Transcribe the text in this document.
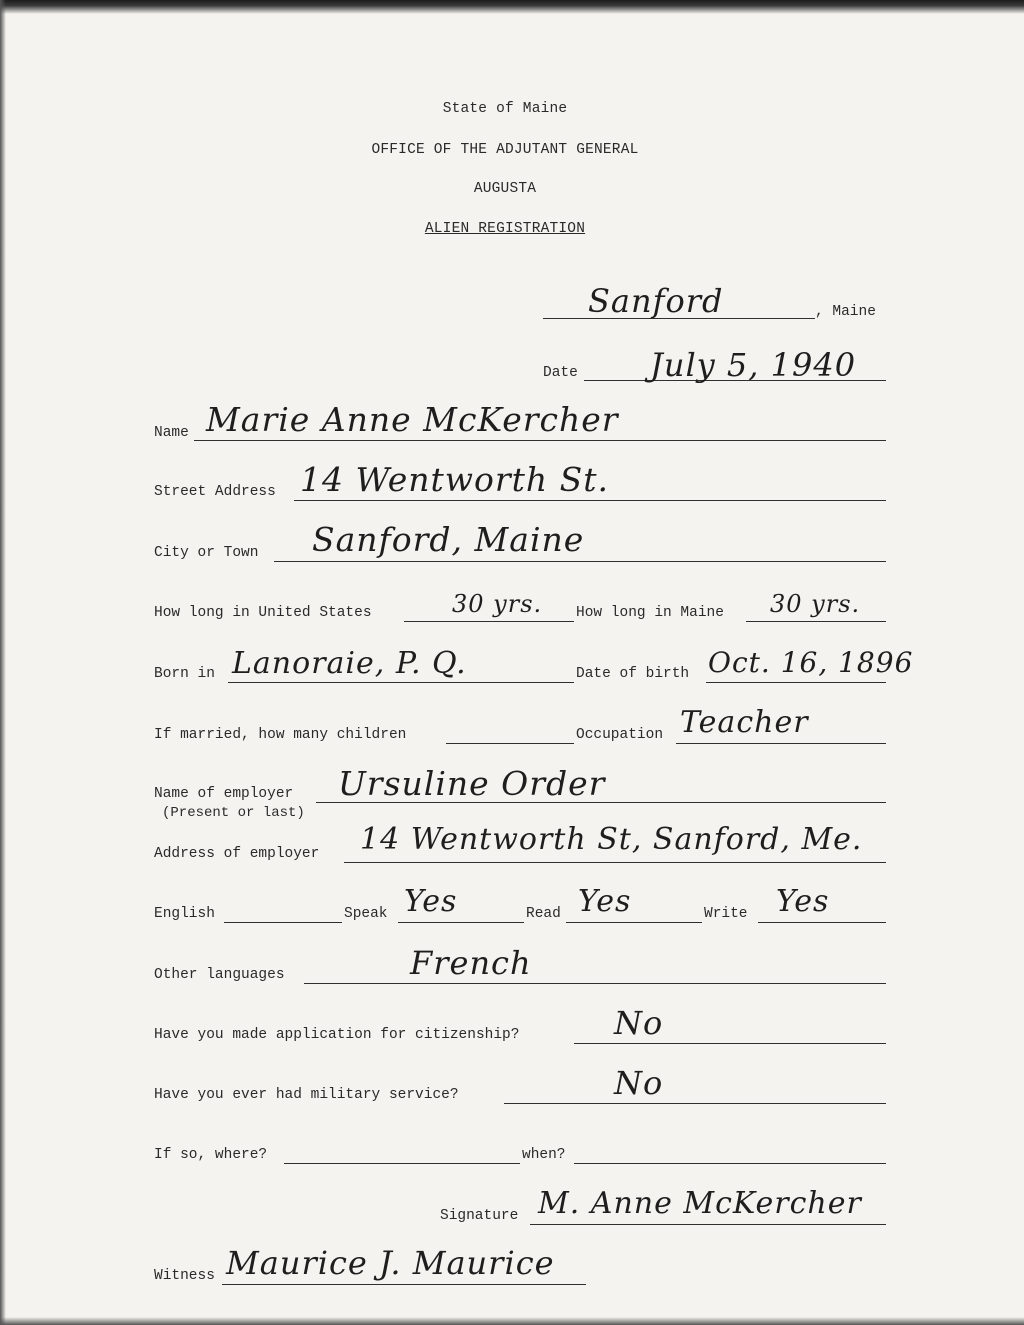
State of Maine
OFFICE OF THE ADJUTANT GENERAL
AUGUSTA
ALIEN REGISTRATION
Sanford	, Maine
Date July 5, 1940
Name Marie Anne McKercher
Street Address 14 Wentworth St.
City or Town Sanford, Maine
How long in United States	30 yrs. How long in Maine 30 yrs.
Born in Lanoraie, P. Q.	Date of birth Oct. 16, 1896
If married, how many children	Occupation Teacher
Name of employer
(Present or last)
Ursuline Order
Address of employer 14 Wentworth St, Sanford, Me.
English	Speak Yes	Read Yes	Write Yes
Other languages	French
Have you made application for citizenship?	No
Have you ever had military service?	No
If so, where?	when?
Signature M. Anne McKercher
Witness Maurice J. Maurice
